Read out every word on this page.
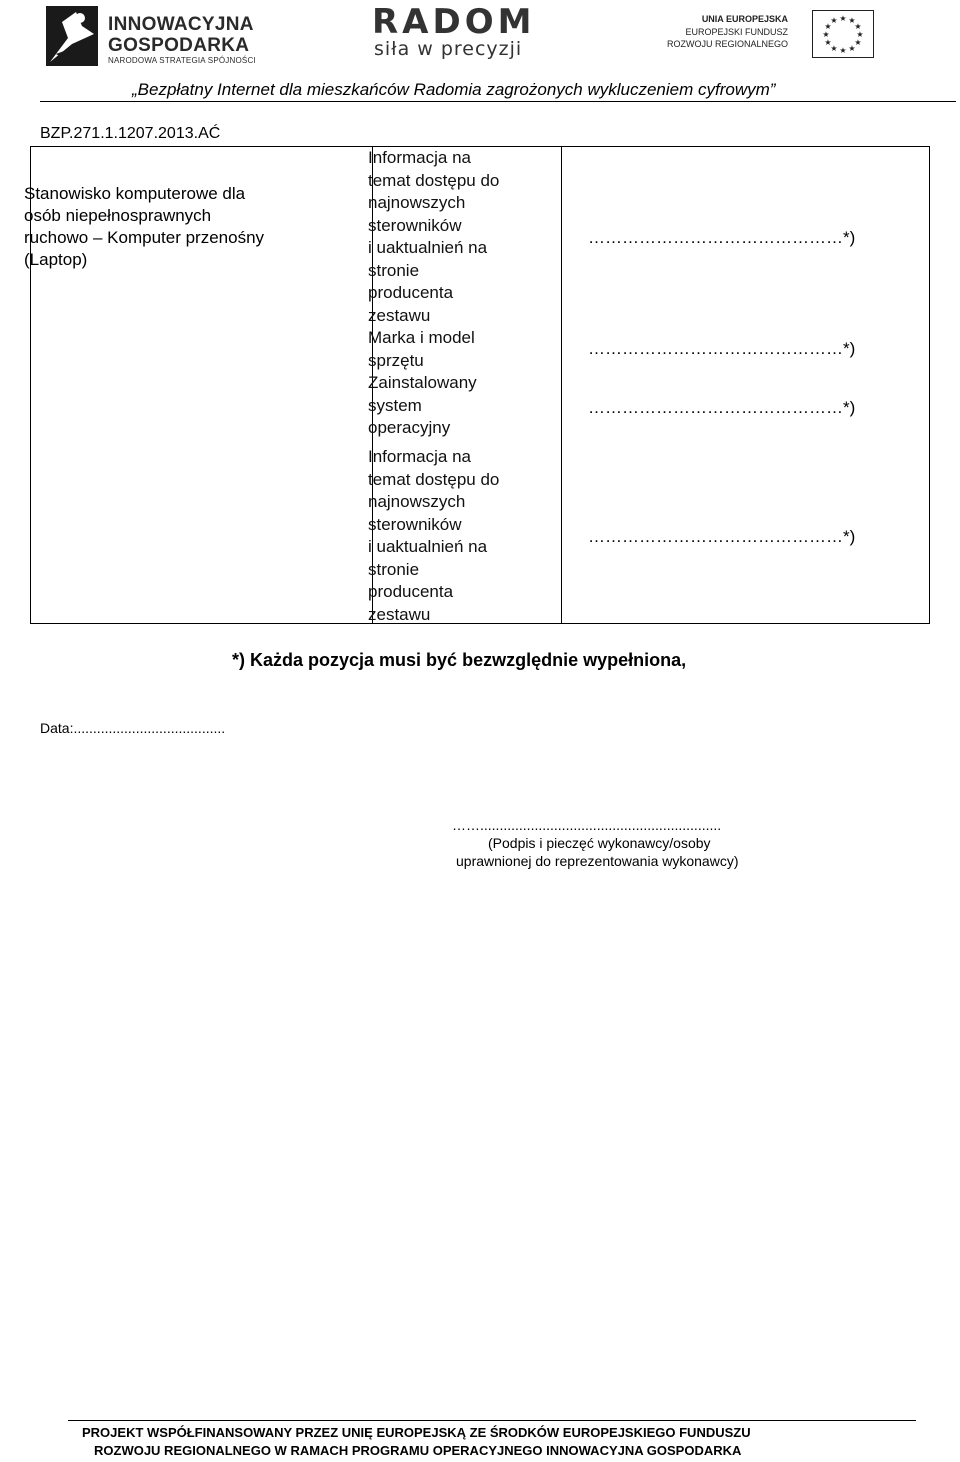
INNOWACYJNA
GOSPODARKA
NARODOWA STRATEGIA SPÓJNOŚCI
RADOM
siła w precyzji
UNIA EUROPEJSKA
EUROPEJSKI FUNDUSZ
ROZWOJU REGIONALNEGO
★ ★
★
★
★
★
★
★
★
★
★
★
„Bezpłatny Internet dla mieszkańców Radomia zagrożonych wykluczeniem cyfrowym”
BZP.271.1.1207.2013.AĆ
Stanowisko komputerowe dla
osób niepełnosprawnych
ruchowo – Komputer przenośny
(Laptop)
Informacja na
temat dostępu do
najnowszych
sterowników
i uaktualnień na
stronie
producenta
zestawu
Marka i model
sprzętu
Zainstalowany
system
operacyjny
Informacja na
temat dostępu do
najnowszych
sterowników
i uaktualnień na
stronie
producenta
zestawu
………………………………………*)
………………………………………*)
………………………………………*)
………………………………………*)
*) Każda pozycja musi być bezwzględnie wypełniona,
Data:.......................................
……..............................................................
(Podpis i pieczęć wykonawcy/osoby
uprawnionej do reprezentowania wykonawcy)
PROJEKT WSPÓŁFINANSOWANY PRZEZ UNIĘ EUROPEJSKĄ ZE ŚRODKÓW EUROPEJSKIEGO FUNDUSZU
ROZWOJU REGIONALNEGO W RAMACH PROGRAMU OPERACYJNEGO INNOWACYJNA GOSPODARKA
